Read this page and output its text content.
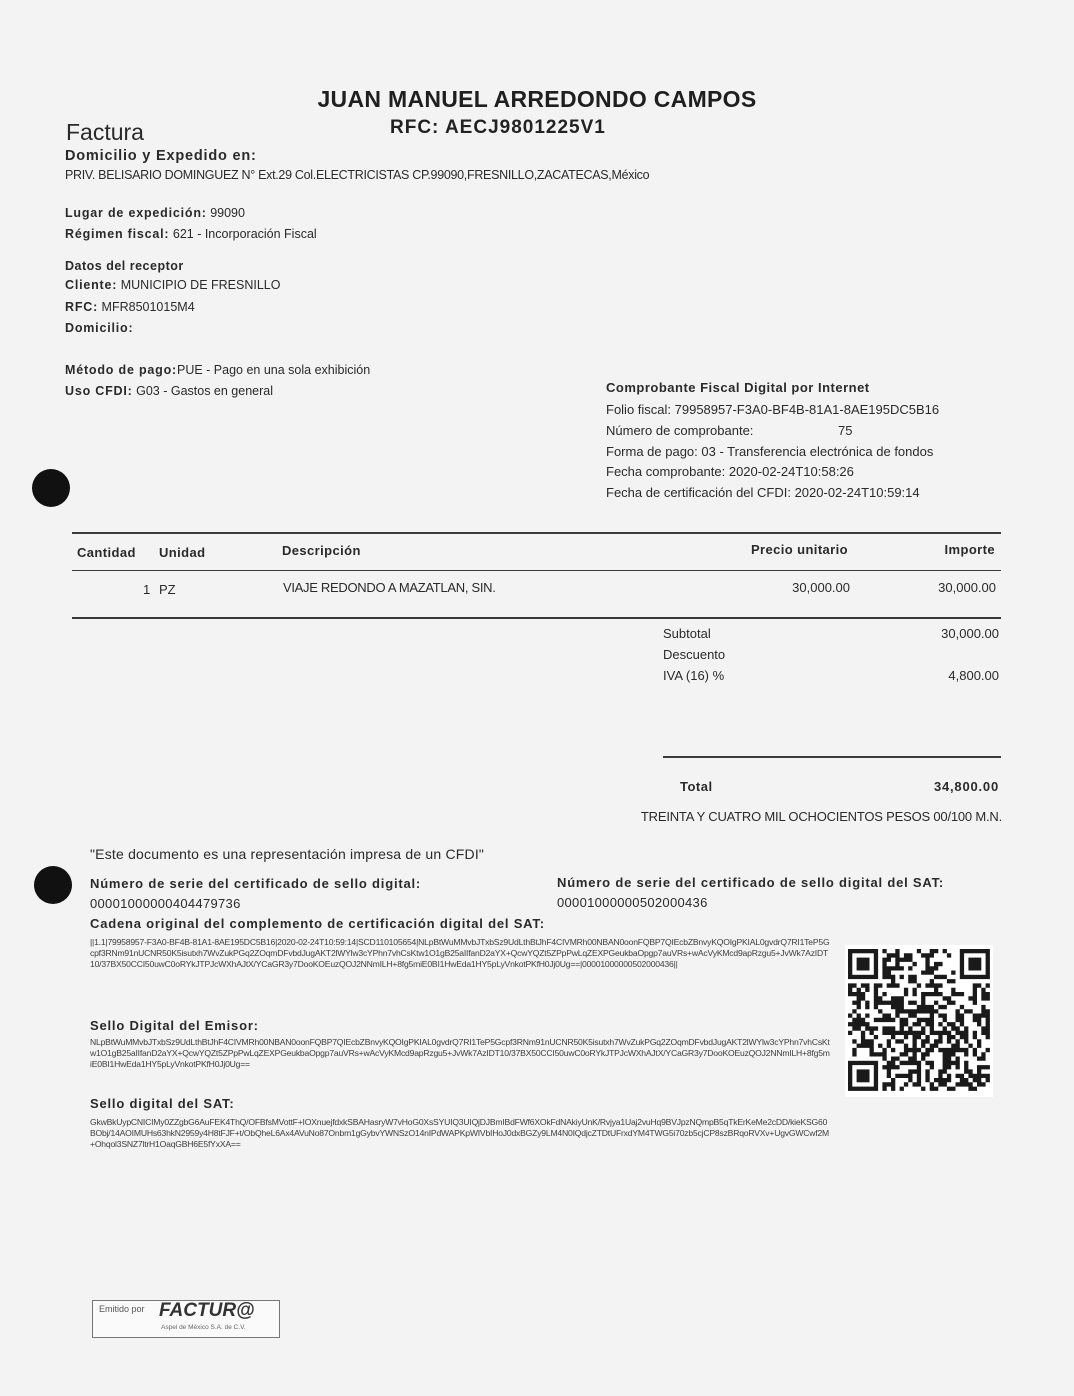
JUAN MANUEL ARREDONDO CAMPOS
Factura	RFC: AECJ9801225V1
Domicilio y Expedido en:
PRIV. BELISARIO DOMINGUEZ N° Ext.29 Col.ELECTRICISTAS CP.99090,FRESNILLO,ZACATECAS,México
Lugar de expedición: 99090
Régimen fiscal: 621 - Incorporación Fiscal
Datos del receptor
Cliente: MUNICIPIO DE FRESNILLO
RFC: MFR8501015M4
Domicilio:
Método de pago:PUE - Pago en una sola exhibición
Uso CFDI: G03 - Gastos en general	Comprobante Fiscal Digital por Internet
Folio fiscal: 79958957-F3A0-BF4B-81A1-8AE195DC5B16
Número de comprobante:	75
Forma de pago: 03 - Transferencia electrónica de fondos
Fecha comprobante: 2020-02-24T10:58:26
Fecha de certificación del CFDI: 2020-02-24T10:59:14
Cantidad Unidad	Descripción	Precio unitario	Importe
1 PZ	VIAJE REDONDO A MAZATLAN, SIN.	30,000.00	30,000.00
Subtotal	30,000.00
Descuento
IVA (16) %	4,800.00
Total	34,800.00
TREINTA Y CUATRO MIL OCHOCIENTOS PESOS 00/100 M.N.
"Este documento es una representación impresa de un CFDI"
Número de serie del certificado de sello digital:
00001000000404479736
Número de serie del certificado de sello digital del SAT:
00001000000502000436
Cadena original del complemento de certificación digital del SAT:
||1.1|79958957-F3A0-BF4B-81A1-8AE195DC5B16|2020-02-24T10:59:14|SCD110105654|NLpBtWuMMvbJTxbSz9UdLthBtJhF4CIVMRh00NBAN0oonFQBP7QIEcbZBnvyKQOIgPKIAL0gvdrQ7RI1TeP5Gcpf3RNm91nUCNR50K5isutxh7WvZukPGq2ZOqmDFvbdJugAKT2lWYlw3cYPhn7vhCsKtw1O1gB25aIIfanD2aYX+QcwYQZt5ZPpPwLqZEXPGeukbaOpgp7auVRs+wAcVyKMcd9apRzgu5+JvWk7AzIDT10/37BX50CCI50uwC0oRYkJTPJcWXhAJtX/YCaGR3y7DooKOEuzQOJ2NNmILH+8fg5miE0BI1HwEda1HY5pLyVnkotPKfH0Jj0Ug==|00001000000502000436||
Sello Digital del Emisor:
NLpBtWuMMvbJTxbSz9UdLthBtJhF4CIVMRh00NBAN0oonFQBP7QIEcbZBnvyKQOIgPKIAL0gvdrQ7RI1TeP5Gcpf3RNm91nUCNR50K5isutxh7WvZukPGq2ZOqmDFvbdJugAKT2lWYlw3cYPhn7vhCsKtw1O1gB25aIIfanD2aYX+QcwYQZt5ZPpPwLqZEXPGeukbaOpgp7auVRs+wAcVyKMcd9apRzgu5+JvWk7AzIDT10/37BX50CCI50uwC0oRYkJTPJcWXhAJtX/YCaGR3y7DooKOEuzQOJ2NNmILH+8fg5miE0BI1HwEda1HY5pLyVnkotPKfH0Jj0Ug==
Sello digital del SAT:
GkwBkUypCNICIMy0ZZgbG6AuFEK4ThQ/OFBfsMVottF+IOXnuejfdxkSBAHasryW7vHoG0XsSYUIQ3UIQjDJBmIBdFWf6XOkFdNAkiyUnK/Rvjya1Uaj2vuHq9BVJpzNQmpB5qTkErKeMe2cDD/kieKSG60BObj/14AOIMUHs63hkN2959y4H8tFJF+t/ObQheL6Ax4AVuNo87Onbm1gGybvYWNSzO14nIPdWAPKpWIVbIHoJ0dxBGZy9LM4N0IQdjcZTDtUFrxdYM4TWG5i70zb5cjCP8szBRqoRVXv+UgvGWCwf2M+Ohqol3SNZ7ltrH1OaqGBH6E5fYxXA==
Emitido por FACTUR@
Aspel de México S.A. de C.V.
